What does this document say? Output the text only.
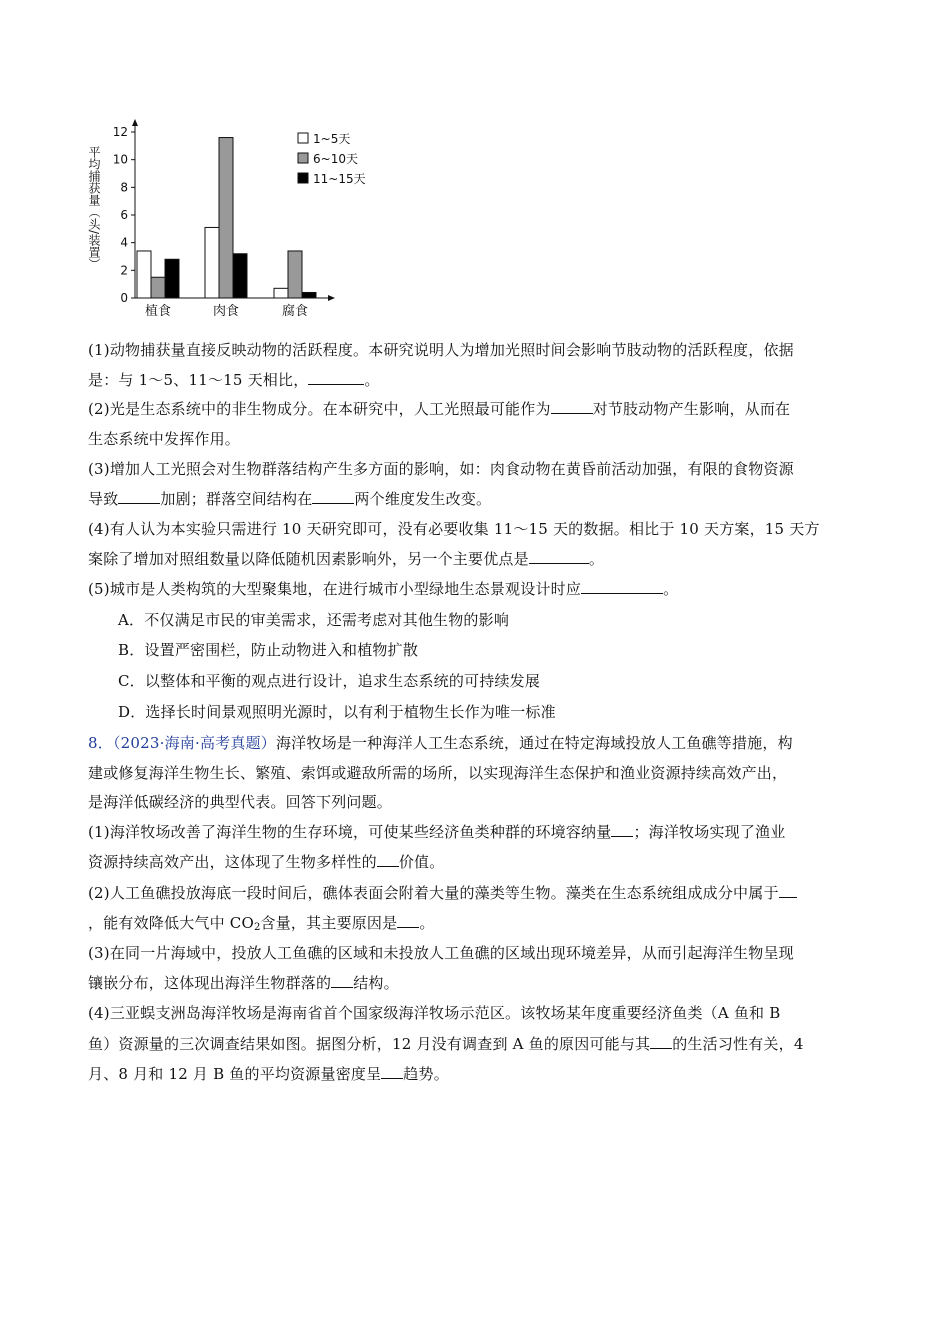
平均捕获量（头/装置）
0
2
4
6
8
10
12
植食	肉食	腐食
1~5天
6~10天
11~15天
(1)动物捕获量直接反映动物的活跃程度。本研究说明人为增加光照时间会影响节肢动物的活跃程度，依据
是：与 1～5、11～15 天相比，	。
(2)光是生态系统中的非生物成分。在本研究中，人工光照最可能作为	对节肢动物产生影响，从而在
生态系统中发挥作用。
(3)增加人工光照会对生物群落结构产生多方面的影响，如：肉食动物在黄昏前活动加强，有限的食物资源
导致	加剧；群落空间结构在	两个维度发生改变。
(4)有人认为本实验只需进行 10 天研究即可，没有必要收集 11～15 天的数据。相比于 10 天方案，15 天方
案除了增加对照组数量以降低随机因素影响外，另一个主要优点是	。
(5)城市是人类构筑的大型聚集地，在进行城市小型绿地生态景观设计时应	。
A．不仅满足市民的审美需求，还需考虑对其他生物的影响
B．设置严密围栏，防止动物进入和植物扩散
C．以整体和平衡的观点进行设计，追求生态系统的可持续发展
D．选择长时间景观照明光源时，以有利于植物生长作为唯一标准
8．（2023·海南·高考真题）海洋牧场是一种海洋人工生态系统，通过在特定海域投放人工鱼礁等措施，构
建或修复海洋生物生长、繁殖、索饵或避敌所需的场所，以实现海洋生态保护和渔业资源持续高效产出，
是海洋低碳经济的典型代表。回答下列问题。
(1)海洋牧场改善了海洋生物的生存环境，可使某些经济鱼类种群的环境容纳量 ；海洋牧场实现了渔业
资源持续高效产出，这体现了生物多样性的 价值。
(2)人工鱼礁投放海底一段时间后，礁体表面会附着大量的藻类等生物。藻类在生态系统组成成分中属于
，能有效降低大气中 $CO_2$含量，其主要原因是 。
(3)在同一片海域中，投放人工鱼礁的区域和未投放人工鱼礁的区域出现环境差异，从而引起海洋生物呈现
镶嵌分布，这体现出海洋生物群落的 结构。
(4)三亚蜈支洲岛海洋牧场是海南省首个国家级海洋牧场示范区。该牧场某年度重要经济鱼类（A 鱼和 B
鱼）资源量的三次调查结果如图。据图分析，12 月没有调查到 A 鱼的原因可能与其 的生活习性有关，4
月、8 月和 12 月 B 鱼的平均资源量密度呈 趋势。
